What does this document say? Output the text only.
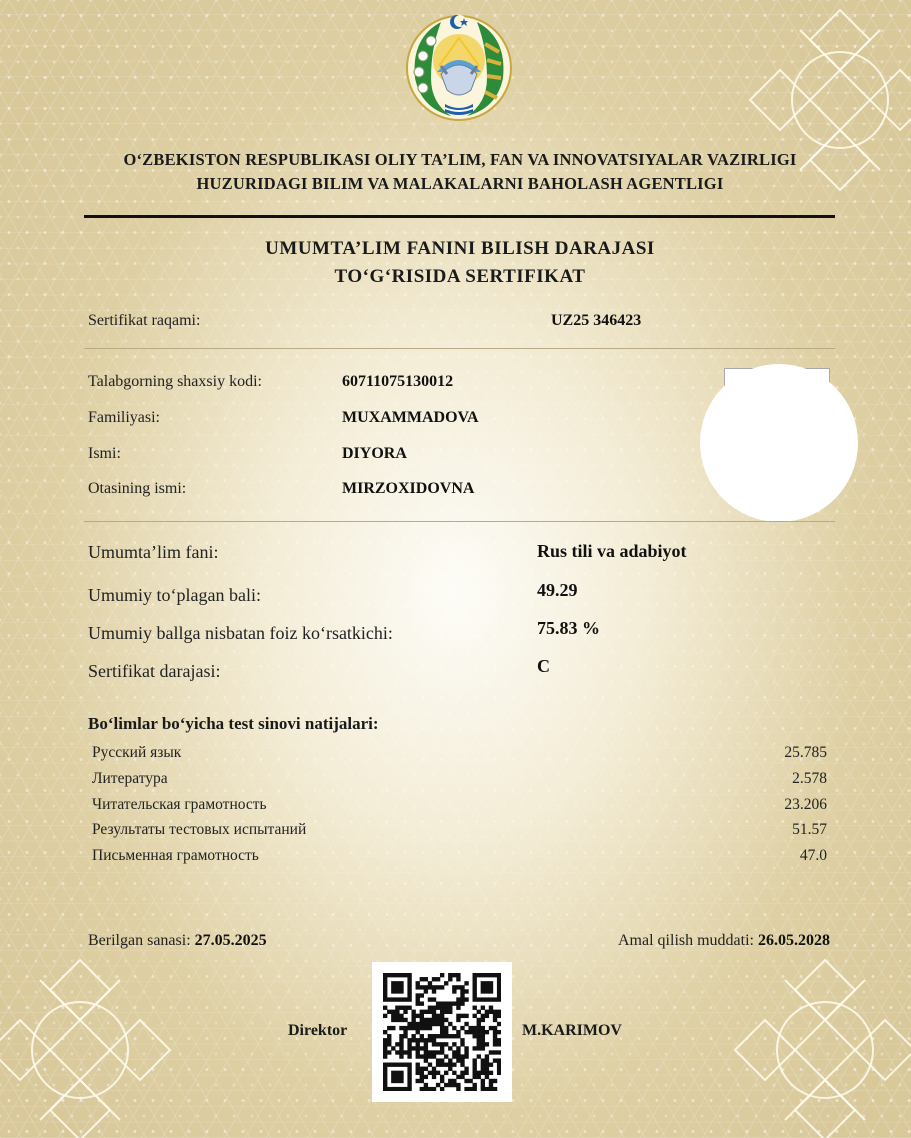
O‘ZBEKISTON RESPUBLIKASI OLIY TA’LIM, FAN VA INNOVATSIYALAR VAZIRLIGI
HUZURIDAGI BILIM VA MALAKALARNI BAHOLASH AGENTLIGI
UMUMTA’LIM FANINI BILISH DARAJASI
TO‘G‘RISIDA SERTIFIKAT
Sertifikat raqami:	UZ25 346423
Talabgorning shaxsiy kodi:	60711075130012
Familiyasi:	MUXAMMADOVA
Ismi:	DIYORA
Otasining ismi:	MIRZOXIDOVNA
Umumta’lim fani:	Rus tili va adabiyot
Umumiy to‘plagan bali:	49.29
Umumiy ballga nisbatan foiz ko‘rsatkichi:	75.83 %
Sertifikat darajasi:	C
Bo‘limlar bo‘yicha test sinovi natijalari:
Русский язык	25.785
Литература	2.578
Читательская грамотность	23.206
Результаты тестовых испытаний	51.57
Письменная грамотность	47.0
Berilgan sanasi: 27.05.2025	Amal qilish muddati: 26.05.2028
Direktor	M.KARIMOV
